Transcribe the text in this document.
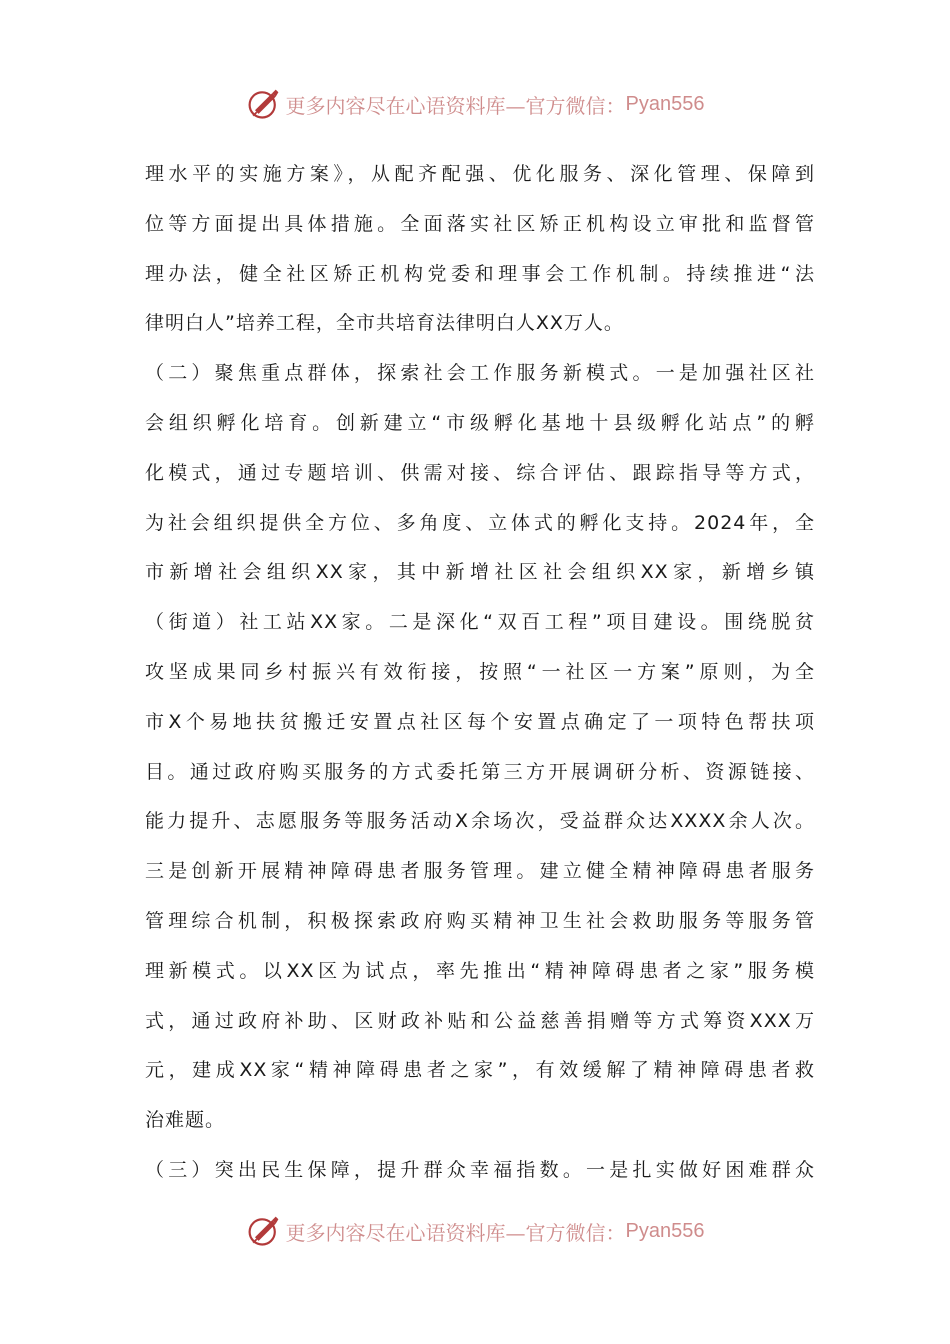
更多内容尽在心语资料库—官方微信： Pyan556
理水平的实施方案》，从配齐配强、优化服务、深化管理、保障到
位等方面提出具体措施。全面落实社区矫正机构设立审批和监督管
理办法，健全社区矫正机构党委和理事会工作机制。持续推进“法
律明白人”培养工程，全市共培育法律明白人XX万人。
（二）聚焦重点群体，探索社会工作服务新模式。一是加强社区社
会组织孵化培育。创新建立“市级孵化基地十县级孵化站点”的孵
化模式，通过专题培训、供需对接、综合评估、跟踪指导等方式，
为社会组织提供全方位、多角度、立体式的孵化支持。2024年，全
市新增社会组织XX家，其中新增社区社会组织XX家，新增乡镇
（街道）社工站XX家。二是深化“双百工程”项目建设。围绕脱贫
攻坚成果同乡村振兴有效衔接，按照“一社区一方案”原则，为全
市X个易地扶贫搬迁安置点社区每个安置点确定了一项特色帮扶项
目。通过政府购买服务的方式委托第三方开展调研分析、资源链接、
能力提升、志愿服务等服务活动X余场次，受益群众达XXXX余人次。
三是创新开展精神障碍患者服务管理。建立健全精神障碍患者服务
管理综合机制，积极探索政府购买精神卫生社会救助服务等服务管
理新模式。以XX区为试点，率先推出“精神障碍患者之家”服务模
式，通过政府补助、区财政补贴和公益慈善捐赠等方式筹资XXX万
元，建成XX家“精神障碍患者之家”，有效缓解了精神障碍患者救
治难题。
（三）突出民生保障，提升群众幸福指数。一是扎实做好困难群众
更多内容尽在心语资料库—官方微信： Pyan556
